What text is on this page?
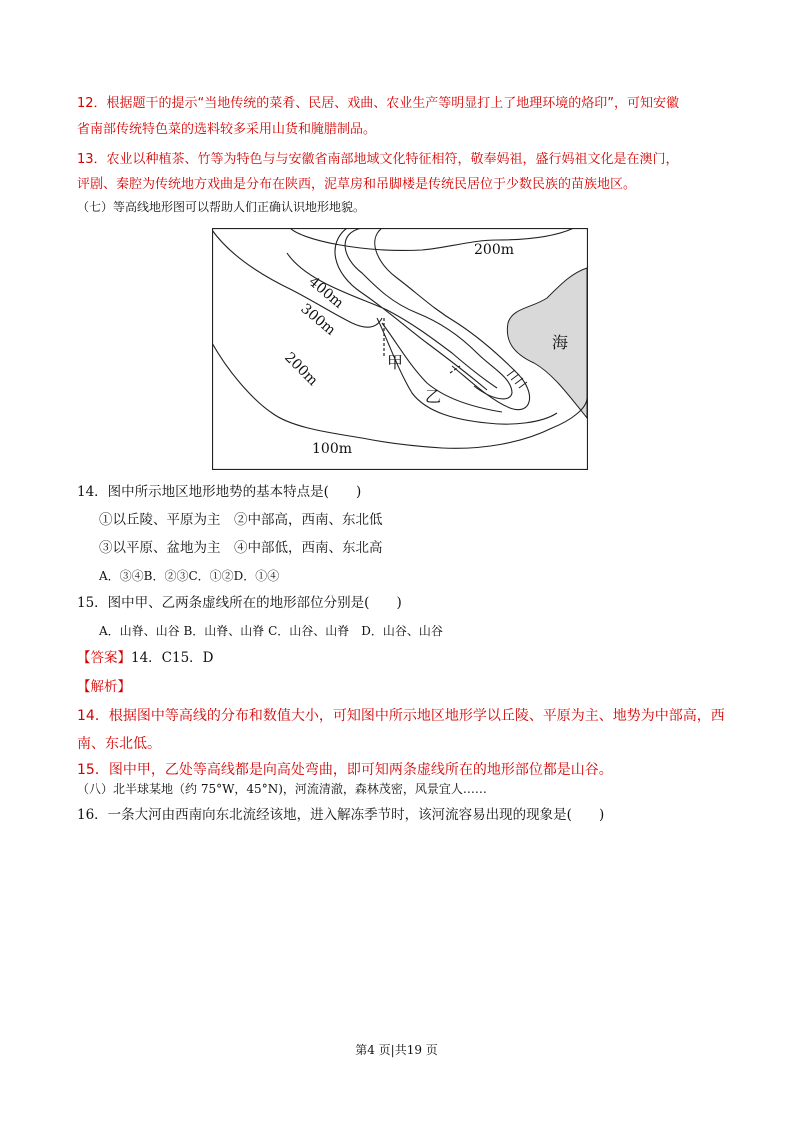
12．根据题干的提示“当地传统的菜肴、民居、戏曲、农业生产等明显打上了地理环境的烙印”，可知安徽
省南部传统特色菜的选料较多采用山货和腌腊制品。
13．农业以种植茶、竹等为特色与与安徽省南部地域文化特征相符，敬奉妈祖，盛行妈祖文化是在澳门，
评剧、秦腔为传统地方戏曲是分布在陕西，泥草房和吊脚楼是传统民居位于少数民族的苗族地区。
（七）等高线地形图可以帮助人们正确认识地形地貌。
200m
400m
300m
200m
100m
海
甲
乙
14．图中所示地区地形地势的基本特点是(　　)
①以丘陵、平原为主　②中部高，西南、东北低
③以平原、盆地为主　④中部低，西南、东北高
A．③④B．②③C．①②D．①④
15．图中甲、乙两条虚线所在的地形部位分别是(　　)
A．山脊、山谷 B．山脊、山脊 C．山谷、山脊　D．山谷、山谷
【答案】14．C15．D
【解析】
14．根据图中等高线的分布和数值大小，可知图中所示地区地形学以丘陵、平原为主、地势为中部高，西
南、东北低。
15．图中甲，乙处等高线都是向高处弯曲，即可知两条虚线所在的地形部位都是山谷。
（八）北半球某地（约 75°W，45°N)，河流清澈，森林茂密，风景宜人……
16．一条大河由西南向东北流经该地，进入解冻季节时，该河流容易出现的现象是(　　)
第4 页|共19 页
